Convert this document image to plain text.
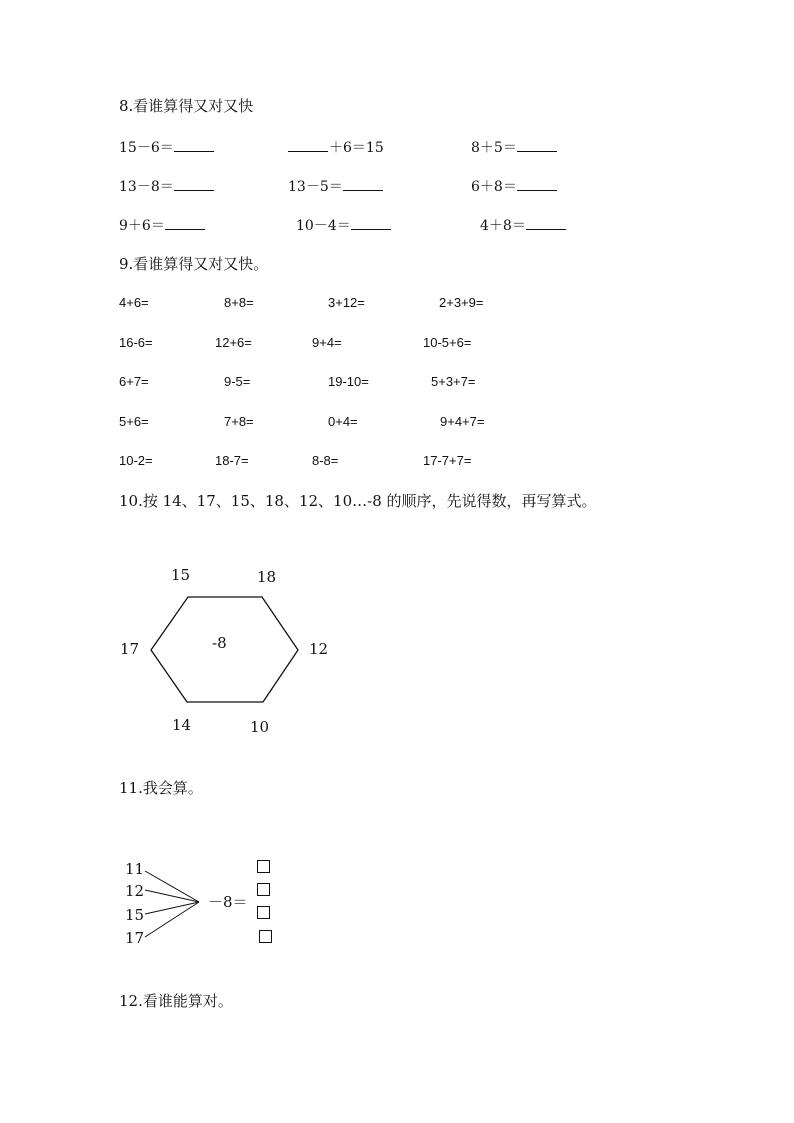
8.看谁算得又对又快
15－6＝	＋6＝15	8＋5＝
13－8＝	13－5＝	6＋8＝
9＋6＝	10－4＝	4＋8＝
9.看谁算得又对又快。
4+6=	8+8=	3+12=	2+3+9=
16-6=	12+6=	9+4=	10-5+6=
6+7=	9-5=	19-10=	5+3+7=
5+6=	7+8=	0+4=	9+4+7=
10-2=	18-7=	8-8=	17-7+7=
10.按 14、17、15、18、12、10…-8 的顺序，先说得数，再写算式。
15	18
17	12
14	10
-8
11.我会算。
11
12
15
17
－8＝
12.看谁能算对。
